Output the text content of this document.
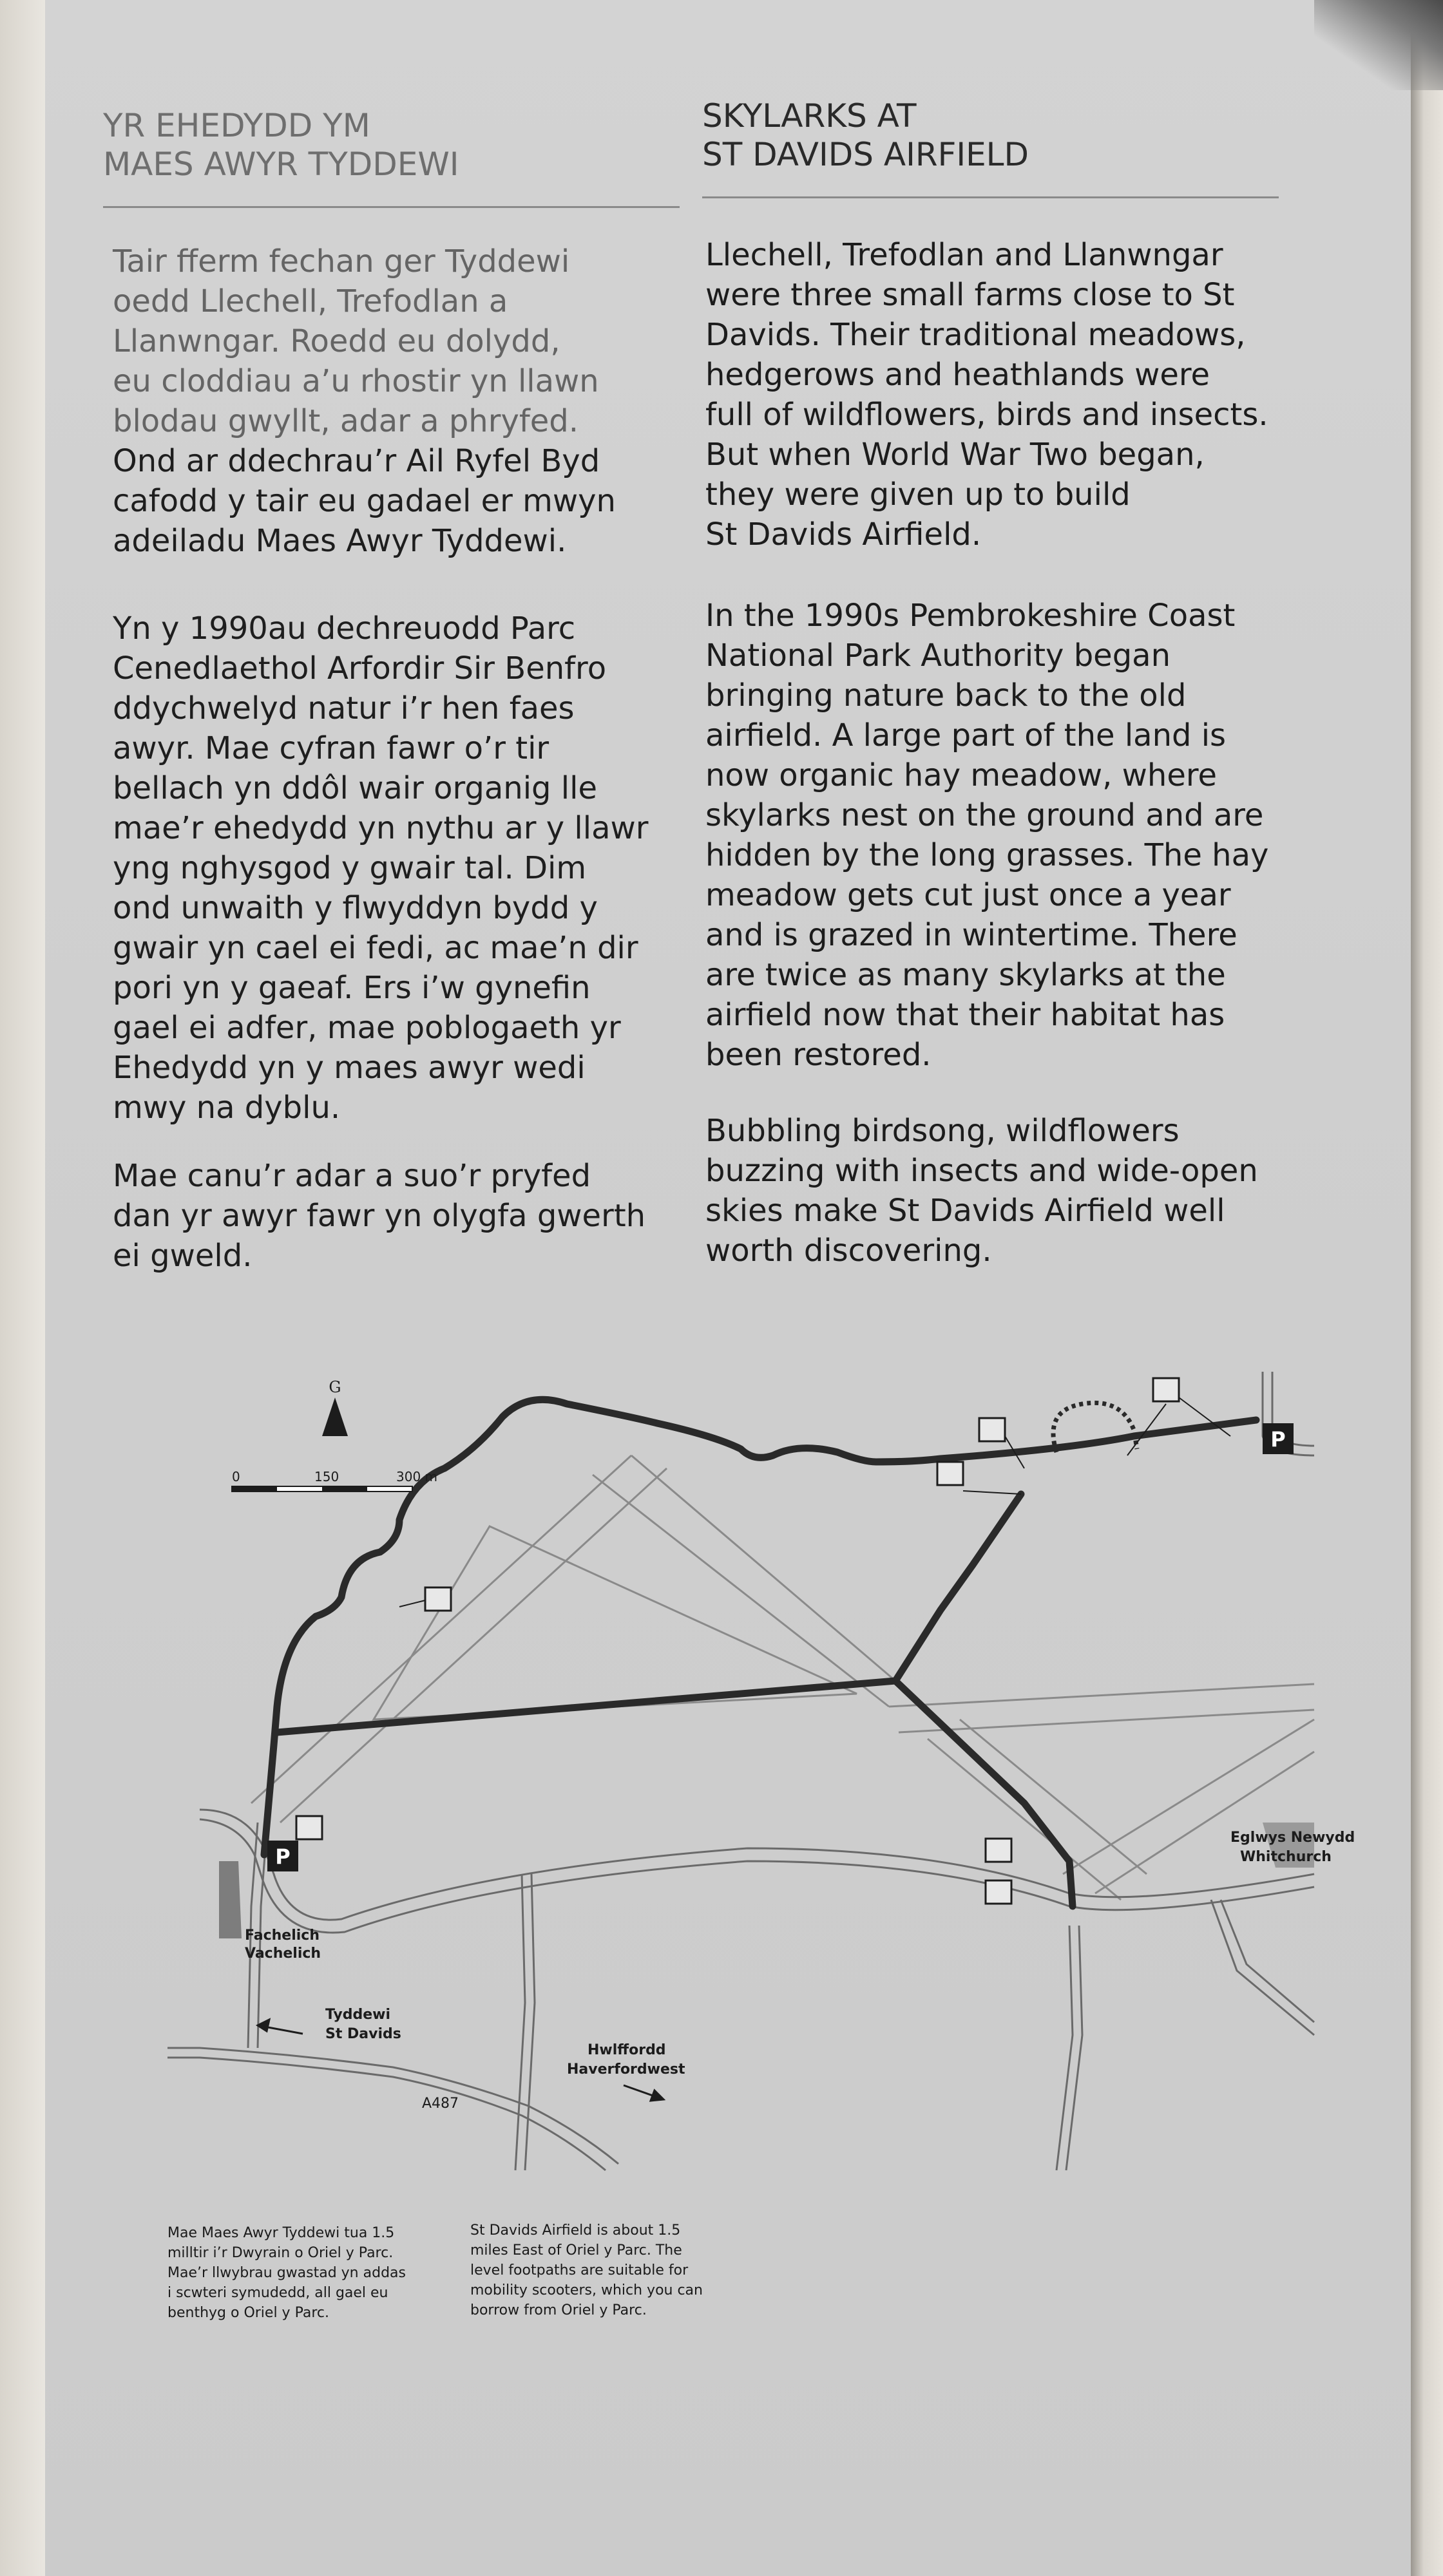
YR EHEDYDD YM
MAES AWYR TYDDEWI
SKYLARKS AT
ST DAVIDS AIRFIELD

Tair fferm fechan ger Tyddewi
oedd Llechell, Trefodlan a
Llanwngar. Roedd eu dolydd,
eu cloddiau a’u rhostir yn llawn
blodau gwyllt, adar a phryfed.

Ond ar ddechrau’r Ail Ryfel Byd
cafodd y tair eu gadael er mwyn
adeiladu Maes Awyr Tyddewi.

Yn y 1990au dechreuodd Parc
Cenedlaethol Arfordir Sir Benfro
ddychwelyd natur i’r hen faes
awyr. Mae cyfran fawr o’r tir
bellach yn ddôl wair organig lle
mae’r ehedydd yn nythu ar y llawr
yng nghysgod y gwair tal. Dim
ond unwaith y flwyddyn bydd y
gwair yn cael ei fedi, ac mae’n dir
pori yn y gaeaf. Ers i’w gynefin
gael ei adfer, mae poblogaeth yr
Ehedydd yn y maes awyr wedi
mwy na dyblu.

Mae canu’r adar a suo’r pryfed
dan yr awyr fawr yn olygfa gwerth
ei gweld.

Llechell, Trefodlan and Llanwngar
were three small farms close to St
Davids. Their traditional meadows,
hedgerows and heathlands were
full of wildflowers, birds and insects.
But when World War Two began,
they were given up to build
St Davids Airfield.

In the 1990s Pembrokeshire Coast
National Park Authority began
bringing nature back to the old
airfield. A large part of the land is
now organic hay meadow, where
skylarks nest on the ground and are
hidden by the long grasses. The hay
meadow gets cut just once a year
and is grazed in wintertime. There
are twice as many skylarks at the
airfield now that their habitat has
been restored.

Bubbling birdsong, wildflowers
buzzing with insects and wide-open
skies make St Davids Airfield well
worth discovering.

G
0	150	300 m
P
P
Fachelich
Vachelich
Tyddewi
St Davids
Hwlffordd
Haverfordwest
Eglwys Newydd
Whitchurch
A487
Mae Maes Awyr Tyddewi tua 1.5
milltir i’r Dwyrain o Oriel y Parc.
Mae’r llwybrau gwastad yn addas
i scwteri symudedd, all gael eu
benthyg o Oriel y Parc.
St Davids Airfield is about 1.5
miles East of Oriel y Parc. The
level footpaths are suitable for
mobility scooters, which you can
borrow from Oriel y Parc.
